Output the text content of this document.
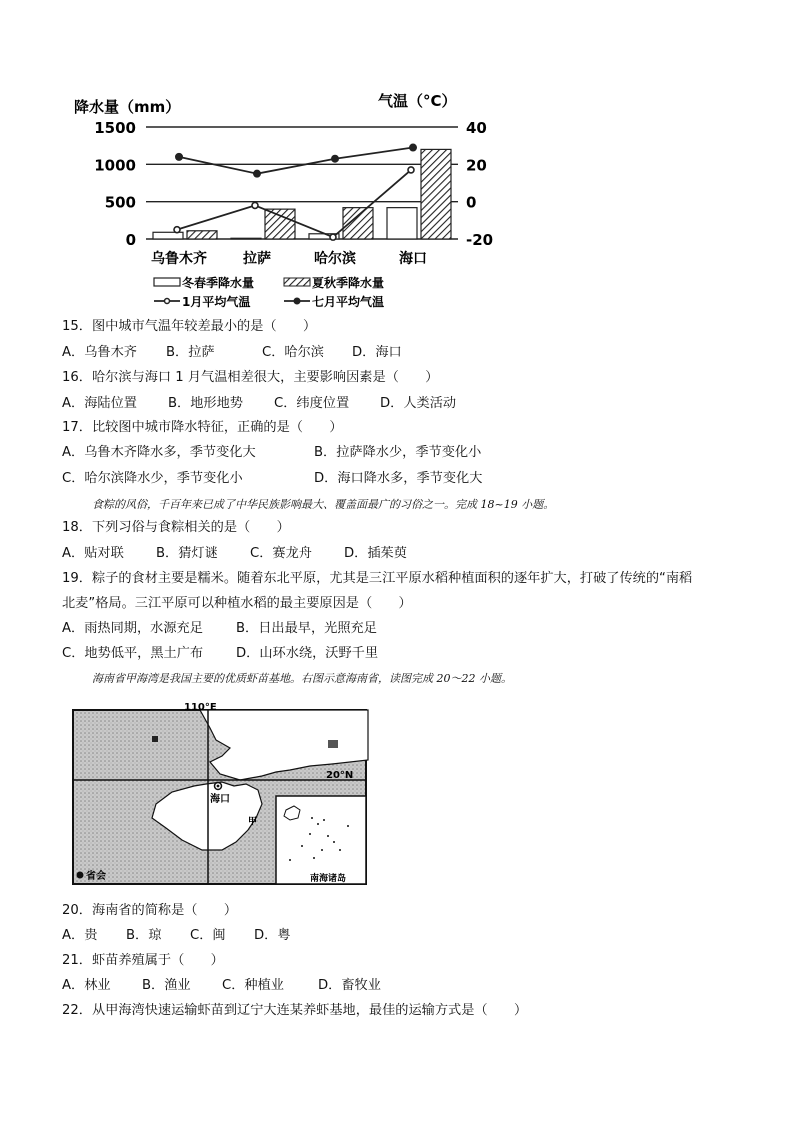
降水量（mm）	气温（°C）
0
500
1000
1500
-20
0
20
40
乌鲁木齐	拉萨	哈尔滨	海口
冬春季降水量	夏秋季降水量
1月平均气温	七月平均气温
15．图中城市气温年较差最小的是（　　）
A．乌鲁木齐 B．拉萨	C．哈尔滨 D．海口
16．哈尔滨与海口 1 月气温相差很大，主要影响因素是（　　）
A．海陆位置 B．地形地势 C．纬度位置 D．人类活动
17．比较图中城市降水特征，正确的是（　　）
A．乌鲁木齐降水多，季节变化大	B．拉萨降水少，季节变化小
C．哈尔滨降水少，季节变化小	D．海口降水多，季节变化大
食粽的风俗，千百年来已成了中华民族影响最大、覆盖面最广的习俗之一。完成 18~19 小题。
18．下列习俗与食粽相关的是（　　）
A．贴对联 B．猜灯谜 C．赛龙舟 D．插茱萸
19．粽子的食材主要是糯米。随着东北平原，尤其是三江平原水稻种植面积的逐年扩大，打破了传统的“南稻
北麦”格局。三江平原可以种植水稻的最主要原因是（　　）
A．雨热同期，水源充足	B．日出最早，光照充足
C．地势低平，黑土广布 D．山环水绕，沃野千里
海南省甲海湾是我国主要的优质虾苗基地。右图示意海南省，读图完成 20～22 小题。
110°E
20°N
海口
甲
南海诸岛
省会
20．海南省的简称是（　　）
A．贵 B．琼 C．闽 D．粤
21．虾苗养殖属于（　　）
A．林业 B．渔业 C．种植业	D．畜牧业
22．从甲海湾快速运输虾苗到辽宁大连某养虾基地，最佳的运输方式是（　　）
